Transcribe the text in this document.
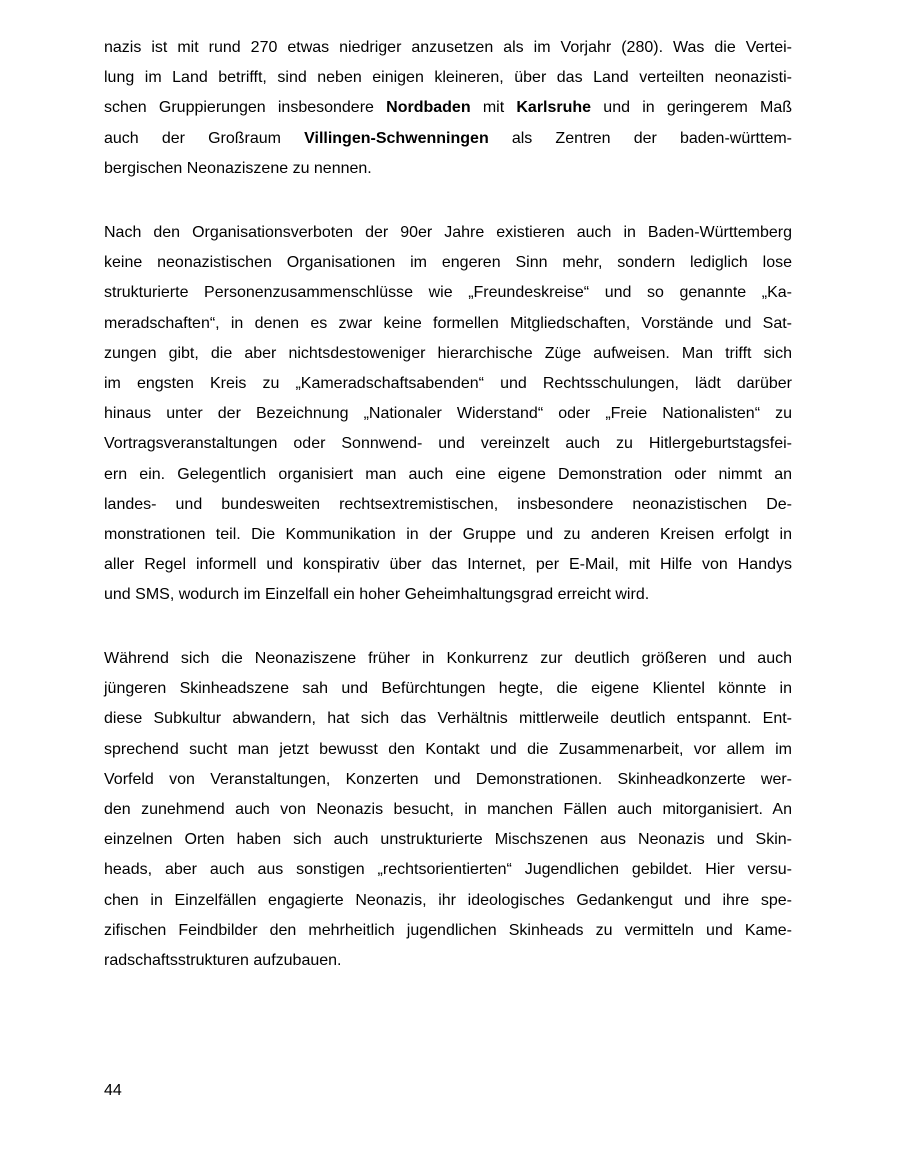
nazis ist mit rund 270 etwas niedriger anzusetzen als im Vorjahr (280). Was die Vertei-
lung im Land betrifft, sind neben einigen kleineren, über das Land verteilten neonazisti-
schen Gruppierungen insbesondere Nordbaden mit Karlsruhe und in geringerem Maß
auch der Großraum Villingen-Schwenningen als Zentren der baden-württem-
bergischen Neonaziszene zu nennen.
Nach den Organisationsverboten der 90er Jahre existieren auch in Baden-Württemberg
keine neonazistischen Organisationen im engeren Sinn mehr, sondern lediglich lose
strukturierte Personenzusammenschlüsse wie „Freundeskreise“ und so genannte „Ka-
meradschaften“, in denen es zwar keine formellen Mitgliedschaften, Vorstände und Sat-
zungen gibt, die aber nichtsdestoweniger hierarchische Züge aufweisen. Man trifft sich
im engsten Kreis zu „Kameradschaftsabenden“ und Rechtsschulungen, lädt darüber
hinaus unter der Bezeichnung „Nationaler Widerstand“ oder „Freie Nationalisten“ zu
Vortragsveranstaltungen oder Sonnwend- und vereinzelt auch zu Hitlergeburtstagsfei-
ern ein. Gelegentlich organisiert man auch eine eigene Demonstration oder nimmt an
landes- und bundesweiten rechtsextremistischen, insbesondere neonazistischen De-
monstrationen teil. Die Kommunikation in der Gruppe und zu anderen Kreisen erfolgt in
aller Regel informell und konspirativ über das Internet, per E-Mail, mit Hilfe von Handys
und SMS, wodurch im Einzelfall ein hoher Geheimhaltungsgrad erreicht wird.
Während sich die Neonaziszene früher in Konkurrenz zur deutlich größeren und auch
jüngeren Skinheadszene sah und Befürchtungen hegte, die eigene Klientel könnte in
diese Subkultur abwandern, hat sich das Verhältnis mittlerweile deutlich entspannt. Ent-
sprechend sucht man jetzt bewusst den Kontakt und die Zusammenarbeit, vor allem im
Vorfeld von Veranstaltungen, Konzerten und Demonstrationen. Skinheadkonzerte wer-
den zunehmend auch von Neonazis besucht, in manchen Fällen auch mitorganisiert. An
einzelnen Orten haben sich auch unstrukturierte Mischszenen aus Neonazis und Skin-
heads, aber auch aus sonstigen „rechtsorientierten“ Jugendlichen gebildet. Hier versu-
chen in Einzelfällen engagierte Neonazis, ihr ideologisches Gedankengut und ihre spe-
zifischen Feindbilder den mehrheitlich jugendlichen Skinheads zu vermitteln und Kame-
radschaftsstrukturen aufzubauen.
44
